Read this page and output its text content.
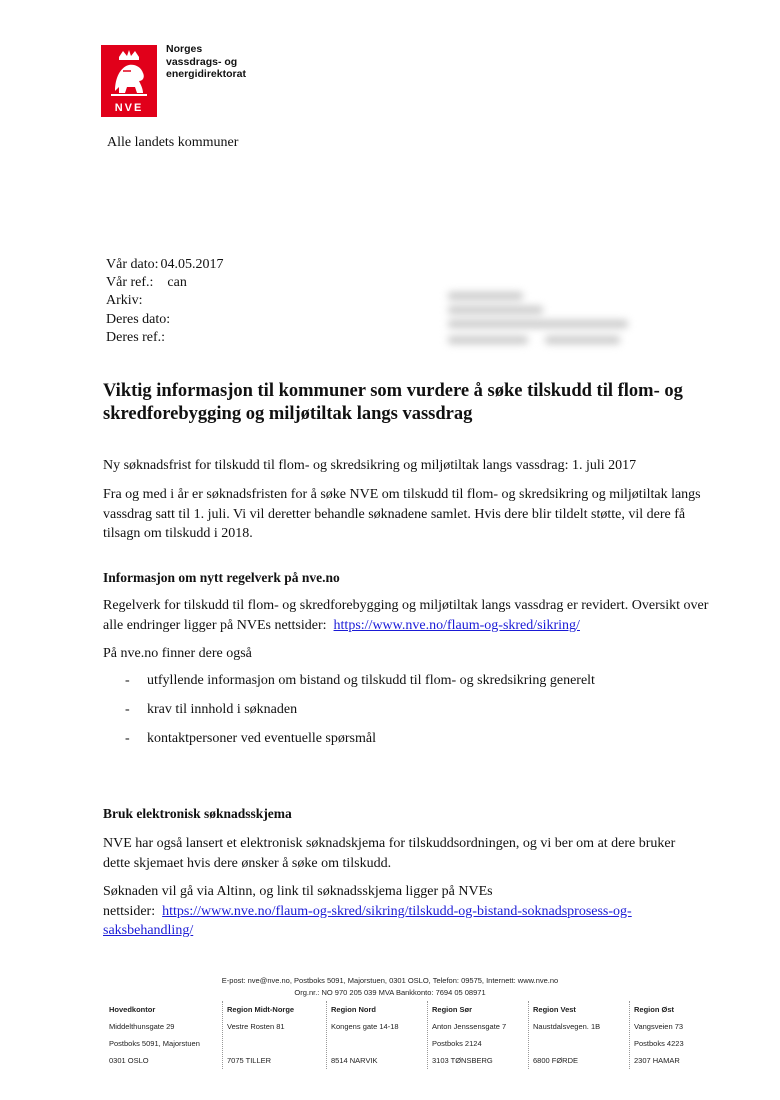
NVE
Norges
vassdrags- og
energidirektorat
Alle landets kommuner
Vår dato: 04.05.2017
Vår ref.: can
Arkiv:
Deres dato:
Deres ref.:
Viktig informasjon til kommuner som vurdere å søke tilskudd til flom- og skredforebygging og miljøtiltak langs vassdrag
Ny søknadsfrist for tilskudd til flom- og skredsikring og miljøtiltak langs vassdrag: 1. juli 2017
Fra og med i år er søknadsfristen for å søke NVE om tilskudd til flom- og skredsikring og miljøtiltak langs vassdrag satt til 1. juli. Vi vil deretter behandle søknadene samlet. Hvis dere blir tildelt støtte, vil dere få tilsagn om tilskudd i 2018.
Informasjon om nytt regelverk på nve.no
Regelverk for tilskudd til flom- og skredforebygging og miljøtiltak langs vassdrag er revidert. Oversikt over alle endringer ligger på NVEs nettsider: https://www.nve.no/flaum-og-skred/sikring/
På nve.no finner dere også
- utfyllende informasjon om bistand og tilskudd til flom- og skredsikring generelt
- krav til innhold i søknaden
- kontaktpersoner ved eventuelle spørsmål
Bruk elektronisk søknadsskjema
NVE har også lansert et elektronisk søknadskjema for tilskuddsordningen, og vi ber om at dere bruker dette skjemaet hvis dere ønsker å søke om tilskudd.
Søknaden vil gå via Altinn, og link til søknadsskjema ligger på NVEs
nettsider: https://www.nve.no/flaum-og-skred/sikring/tilskudd-og-bistand-soknadsprosess-og-
saksbehandling/
E-post: nve@nve.no, Postboks 5091, Majorstuen, 0301 OSLO, Telefon: 09575, Internett: www.nve.no
Org.nr.: NO 970 205 039 MVA Bankkonto: 7694 05 08971
Hovedkontor
Middelthunsgate 29
Postboks 5091, Majorstuen
0301 OSLO
Region Midt-Norge
Vestre Rosten 81
7075 TILLER
Region Nord
Kongens gate 14-18
8514 NARVIK
Region Sør
Anton Jenssensgate 7
Postboks 2124
3103 TØNSBERG
Region Vest
Naustdalsvegen. 1B
6800 FØRDE
Region Øst
Vangsveien 73
Postboks 4223
2307 HAMAR
